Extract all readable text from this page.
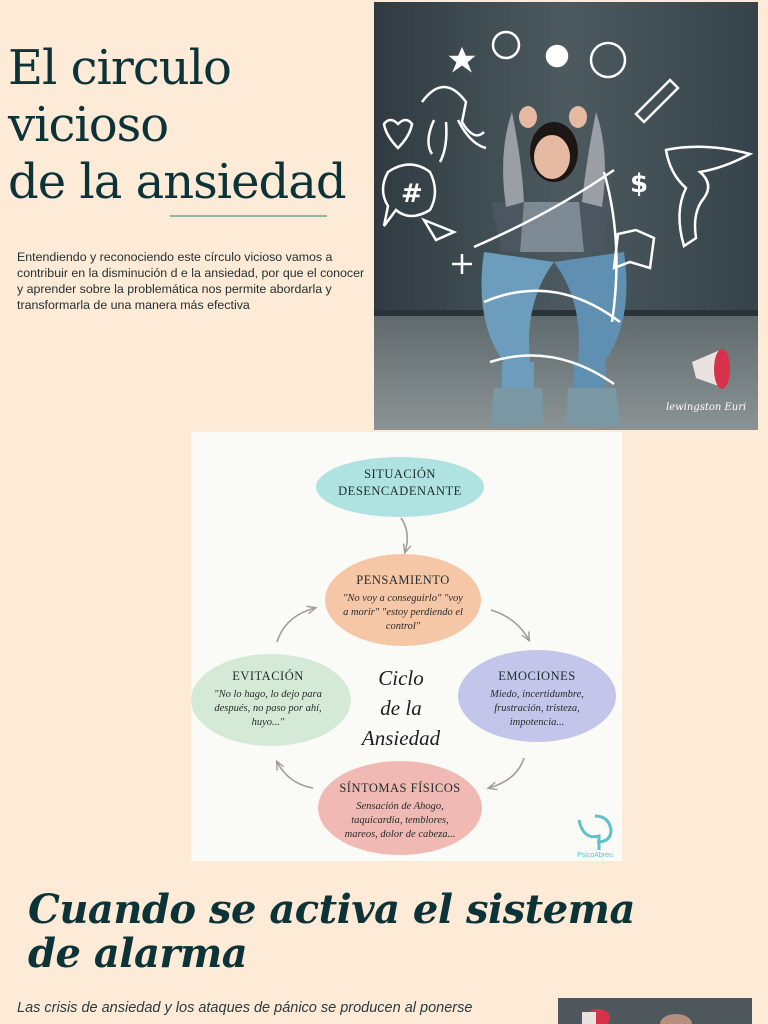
El circulo
vicioso
de la ansiedad

Entendiendo y reconociendo este círculo vicioso vamos a contribuir en la disminución d e la ansiedad, por que el conocer y aprender sobre la problemática nos permite abordarla y transformarla de una manera más efectiva

#	$
lewingston Euri
SITUACIÓN
DESENCADENANTE
PENSAMIENTO
"No voy a conseguirlo" "voy
a morir" "estoy perdiendo el
control"
EMOCIONES
Miedo, incertidumbre,
frustración, tristeza,
impotencia...
SÍNTOMAS FÍSICOS
Sensación de Ahogo,
taquicardia, temblores,
mareos, dolor de cabeza...
EVITACIÓN
"No lo hago, lo dejo para
después, no paso por ahí,
huyo..."
Ciclo
de la
Ansiedad
PsicoAbreu
Cuando se activa el sistema
de alarma

Las crisis de ansiedad y los ataques de pánico se producen al ponerse
